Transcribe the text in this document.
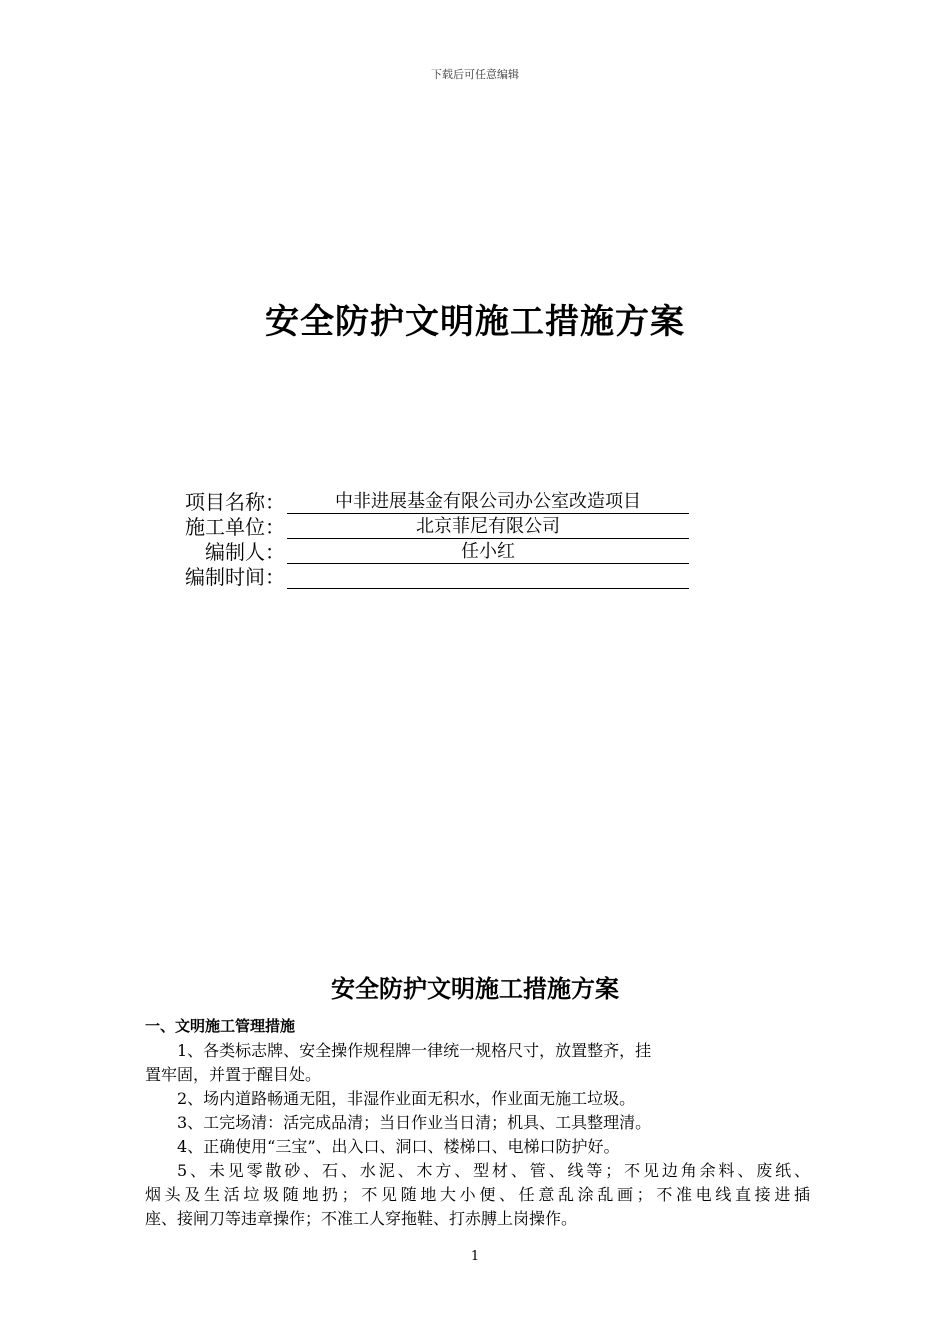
下载后可任意编辑
安全防护文明施工措施方案
项目名称：	中非进展基金有限公司办公室改造项目
施工单位：	北京菲尼有限公司
编制人：	任小红
编制时间：
安全防护文明施工措施方案
一、文明施工管理措施
1、各类标志牌、安全操作规程牌一律统一规格尺寸，放置整齐，挂
置牢固，并置于醒目处。
2、场内道路畅通无阻，非湿作业面无积水，作业面无施工垃圾。
3、工完场清：活完成品清；当日作业当日清；机具、工具整理清。
4、正确使用“三宝”、出入口、洞口、楼梯口、电梯口防护好。
5、未见零散砂、石、水泥、木方、型材、管、线等；不见边角余料、废纸、
烟头及生活垃圾随地扔；不见随地大小便、任意乱涂乱画；不准电线直接进插
座、接闸刀等违章操作；不准工人穿拖鞋、打赤膊上岗操作。
1
